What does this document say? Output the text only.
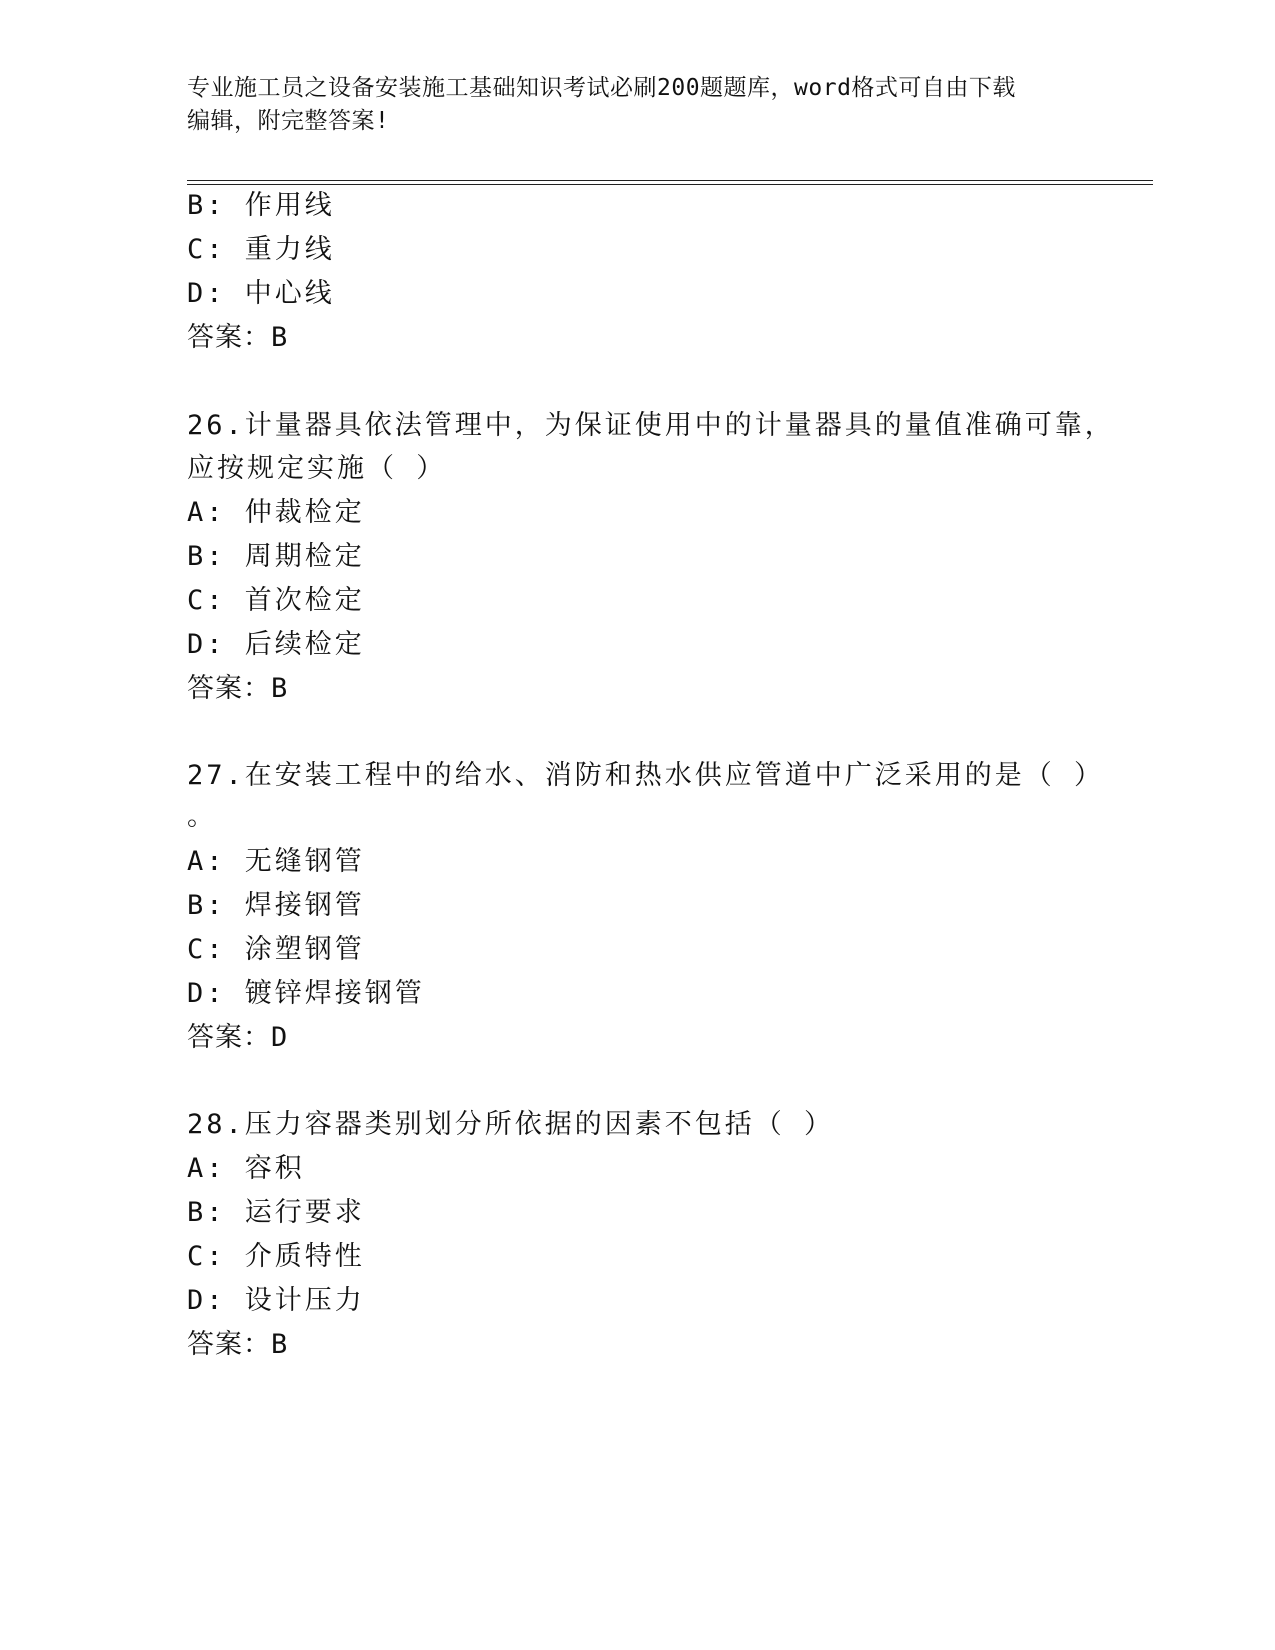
专业施工员之设备安装施工基础知识考试必刷200题题库，word格式可自由下载
编辑，附完整答案!
B: 作用线
C: 重力线
D: 中心线
答案：B
26.计量器具依法管理中，为保证使用中的计量器具的量值准确可靠，
应按规定实施（ ）
A: 仲裁检定
B: 周期检定
C: 首次检定
D: 后续检定
答案：B
27.在安装工程中的给水、消防和热水供应管道中广泛采用的是（ ）
。
A: 无缝钢管
B: 焊接钢管
C: 涂塑钢管
D: 镀锌焊接钢管
答案：D
28.压力容器类别划分所依据的因素不包括（ ）
A: 容积
B: 运行要求
C: 介质特性
D: 设计压力
答案：B
